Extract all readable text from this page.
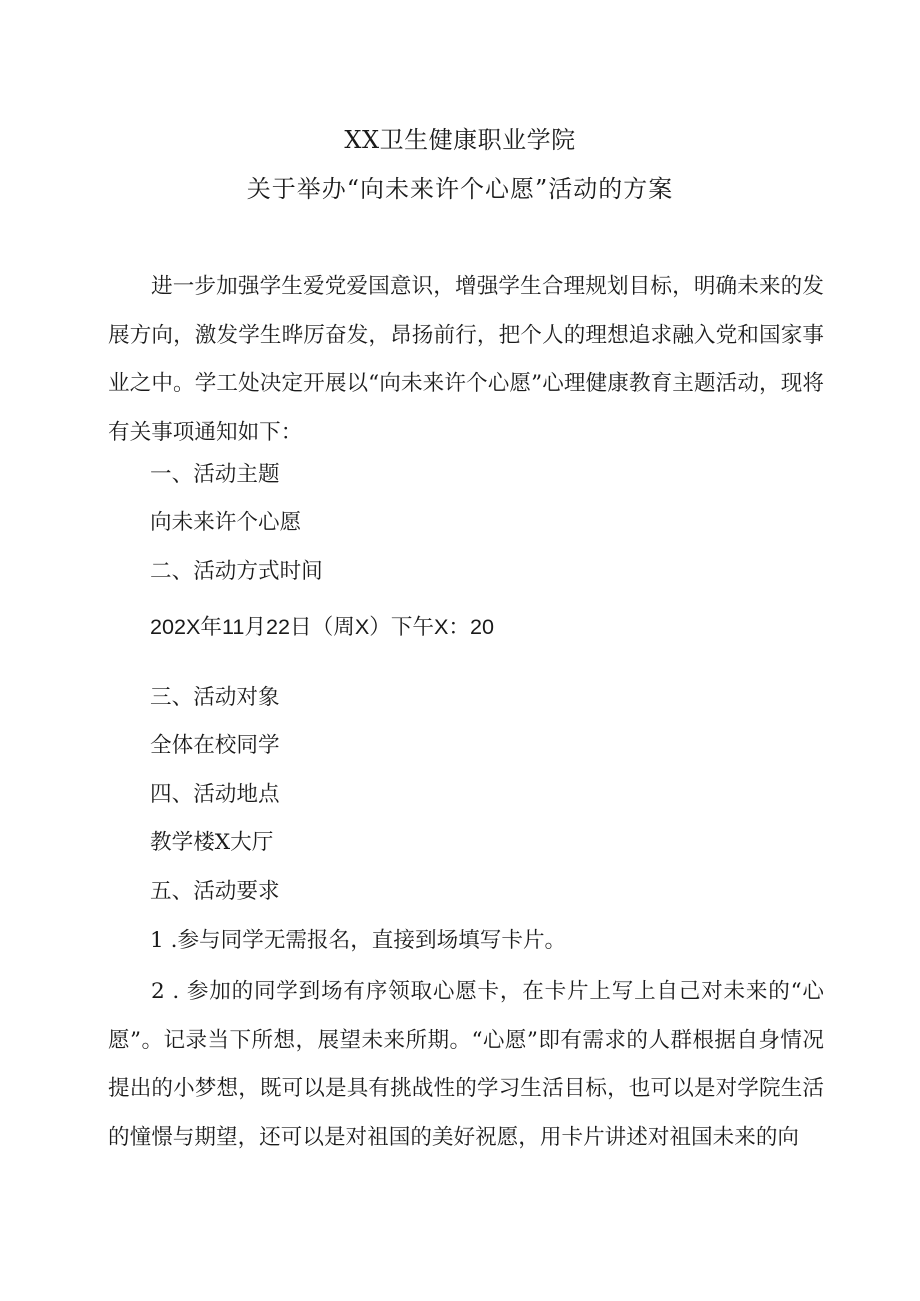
XX卫生健康职业学院
关于举办“向未来许个心愿”活动的方案

进一步加强学生爱党爱国意识，增强学生合理规划目标，明确未来的发展方向，激发学生晔厉奋发，昂扬前行，把个人的理想追求融入党和国家事业之中。学工处决定开展以“向未来许个心愿”心理健康教育主题活动，现将有关事项通知如下：

一、活动主题

向未来许个心愿

二、活动方式时间

202X年11月22日（周X）下午X：20

三、活动对象

全体在校同学

四、活动地点

教学楼X大厅

五、活动要求

1 .参与同学无需报名，直接到场填写卡片。

2 . 参加的同学到场有序领取心愿卡，在卡片上写上自己对未来的“心愿”。记录当下所想，展望未来所期。“心愿”即有需求的人群根据自身情况提出的小梦想，既可以是具有挑战性的学习生活目标，也可以是对学院生活的憧憬与期望，还可以是对祖国的美好祝愿，用卡片讲述对祖国未来的向
